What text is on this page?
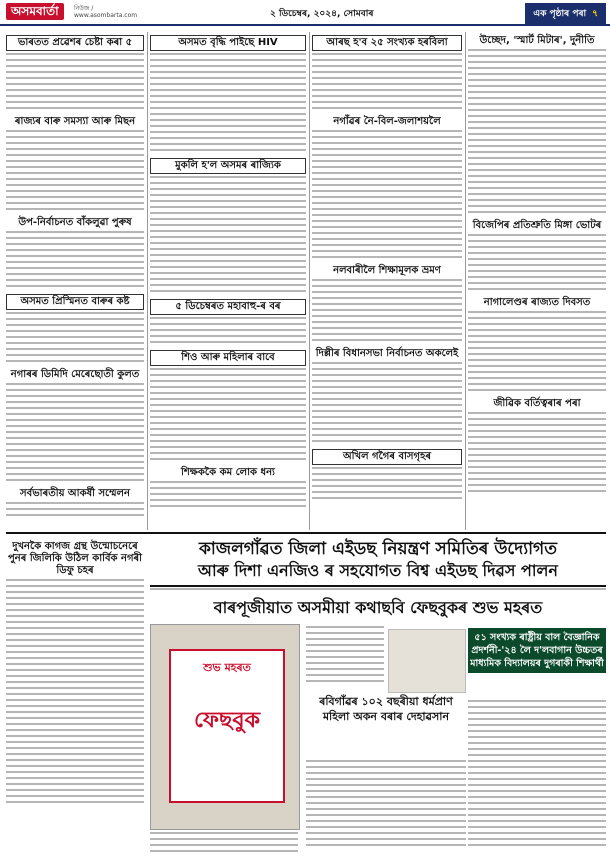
অসমবাৰ্তা	নিউজ / www.asombarta.com	২ ডিচেম্বৰ, ২০২৪, সোমবাৰ	এক পৃষ্ঠাৰ পৰা ৭
ভাৰতত প্ৰৱেশৰ চেষ্টা কৰা ৫
ৰাজ্যৰ বাৰু সমস্যা আৰু মিছন
উপ-নিৰ্বাচনত বাঁকলুৱা পুৰুষ
অসমত প্ৰিস্মিনত বাৰুৰ কষ্ট
নগাৰৰ ডিমিদি মেৰেছোতী কুলত
সৰ্বভাৰতীয় আকৰ্ষী সম্মেলন
অসমত বৃদ্ধি পাইছে HIV
মুকলি হ'ল অসমৰ ৰাজ্যিক
৫ ডিচেম্বৰত মহাবাহু-ৰ বৰ
শিও আৰু মহিলাৰ বাবে
শিক্ষককৈ কম লোক ধন্য
আৰছ হ'ব ২৫ সংখ্যক হৰবিলা
নগাঁৱৰ নৈ-বিল-জলাশয়লৈ
নলবাৰীলৈ শিক্ষামূলক ভ্ৰমণ
দিল্লীৰ বিধানসভা নিৰ্বাচনত অকলেই
অখিল গগৈৰ বাসগৃহৰ
উচ্ছেদ, 'স্মাৰ্ট মিটাৰ', দুনীতি
বিজেপিৰ প্ৰতিশ্ৰুতি মিঙ্গা ভোটৰ
নাগালেণ্ডৰ ৰাজ্যত দিবসত
জীৱিক বৰ্তিত্বৰাৰ পৰা
দুখনকৈ কাগজ গ্ৰন্থ উন্মোচনেৰে পুনৰ জিলিকি উঠিল কাৰ্বিক নগৰী ডিফু চহৰ
কাজলগাঁৱত জিলা এইডছ নিয়ন্ত্ৰণ সমিতিৰ উদ্যোগত
আৰু দিশা এনজিও ৰ সহযোগত বিশ্ব এইডছ দিৱস পালন
বাৰপূজীয়াত অসমীয়া কথাছবি ফেছবুকৰ শুভ মহৰত
শুভ মহৰত
ফেছবুক
ৰবিগাঁৱৰ ১০২ বছৰীয়া ধৰ্মপ্ৰাণ মহিলা অকন বৰাৰ দেহাৱসান
৫১ সংখ্যক ৰাষ্ট্ৰীয় বাল বৈজ্ঞানিক প্ৰদৰ্শনী-'২৪ লৈ দ'লবাগান উচ্চতৰ মাধ্যমিক বিদ্যালয়ৰ দুগৰাকী শিক্ষাৰ্থী
